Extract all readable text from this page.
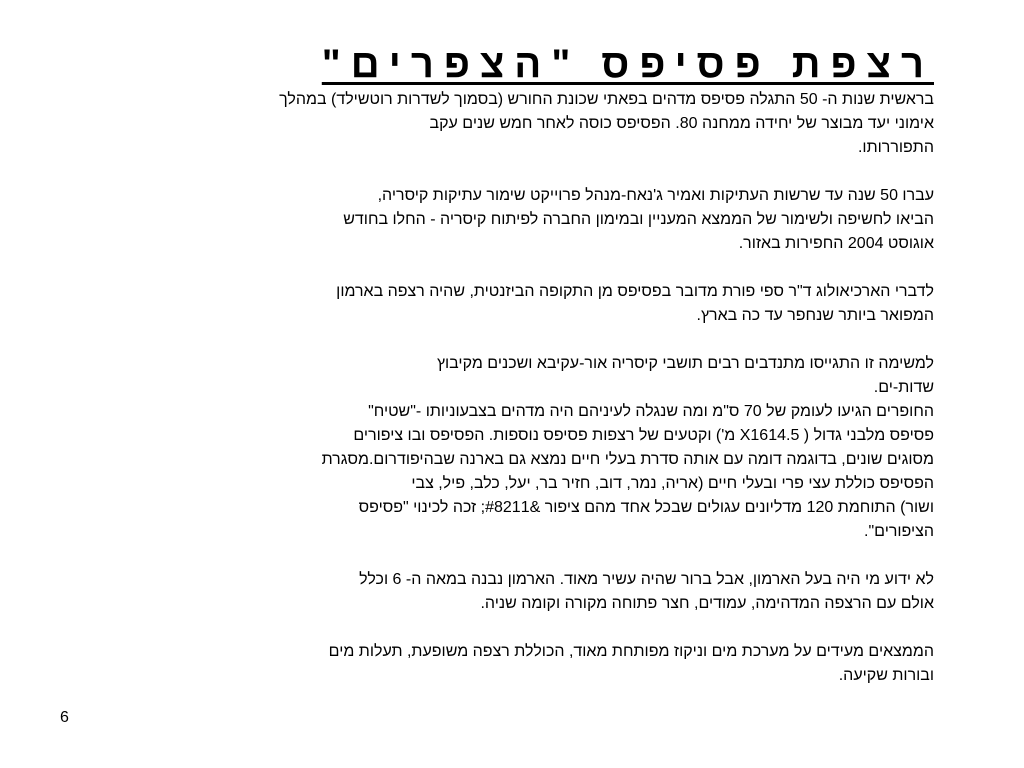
רצפת פסיפס "הצפרים"

בראשית שנות ה- 50 התגלה פסיפס מדהים בפאתי שכונת החורש (בסמוך לשדרות רוטשילד) במהלך
אימוני יעד מבוצר של יחידה ממחנה 80. הפסיפס כוסה לאחר חמש שנים עקב
התפוררותו.

עברו 50 שנה עד שרשות העתיקות ואמיר ג'נאח-מנהל פרוייקט שימור עתיקות קיסריה,
הביאו לחשיפה ולשימור של הממצא המעניין ובמימון החברה לפיתוח קיסריה - החלו בחודש
אוגוסט 2004 החפירות באזור.

לדברי הארכיאולוג ד"ר ספי פורת מדובר בפסיפס מן התקופה הביזנטית, שהיה רצפה בארמון
המפואר ביותר שנחפר עד כה בארץ.

למשימה זו התגייסו מתנדבים רבים תושבי קיסריה אור-עקיבא ושכנים מקיבוץ
שדות-ים.
החופרים הגיעו לעומק של 70 ס"מ ומה שנגלה לעיניהם היה מדהים בצבעוניותו -"שטיח"
פסיפס מלבני גדול ( X1614.5 מ') וקטעים של רצפות פסיפס נוספות. הפסיפס ובו ציפורים
מסוגים שונים, בדוגמה דומה עם אותה סדרת בעלי חיים נמצא גם בארנה שבהיפודרום.מסגרת
הפסיפס כוללת עצי פרי ובעלי חיים (אריה, נמר, דוב, חזיר בר, יעל, כלב, פיל, צבי
ושור) התוחמת 120 מדליונים עגולים שבכל אחד מהם ציפור &#8211; זכה לכינוי "פסיפס
הציפורים".

לא ידוע מי היה בעל הארמון, אבל ברור שהיה עשיר מאוד. הארמון נבנה במאה ה- 6 וכלל
אולם עם הרצפה המדהימה, עמודים, חצר פתוחה מקורה וקומה שניה.

הממצאים מעידים על מערכת מים וניקוז מפותחת מאוד, הכוללת רצפה משופעת, תעלות מים
ובורות שקיעה.

6
